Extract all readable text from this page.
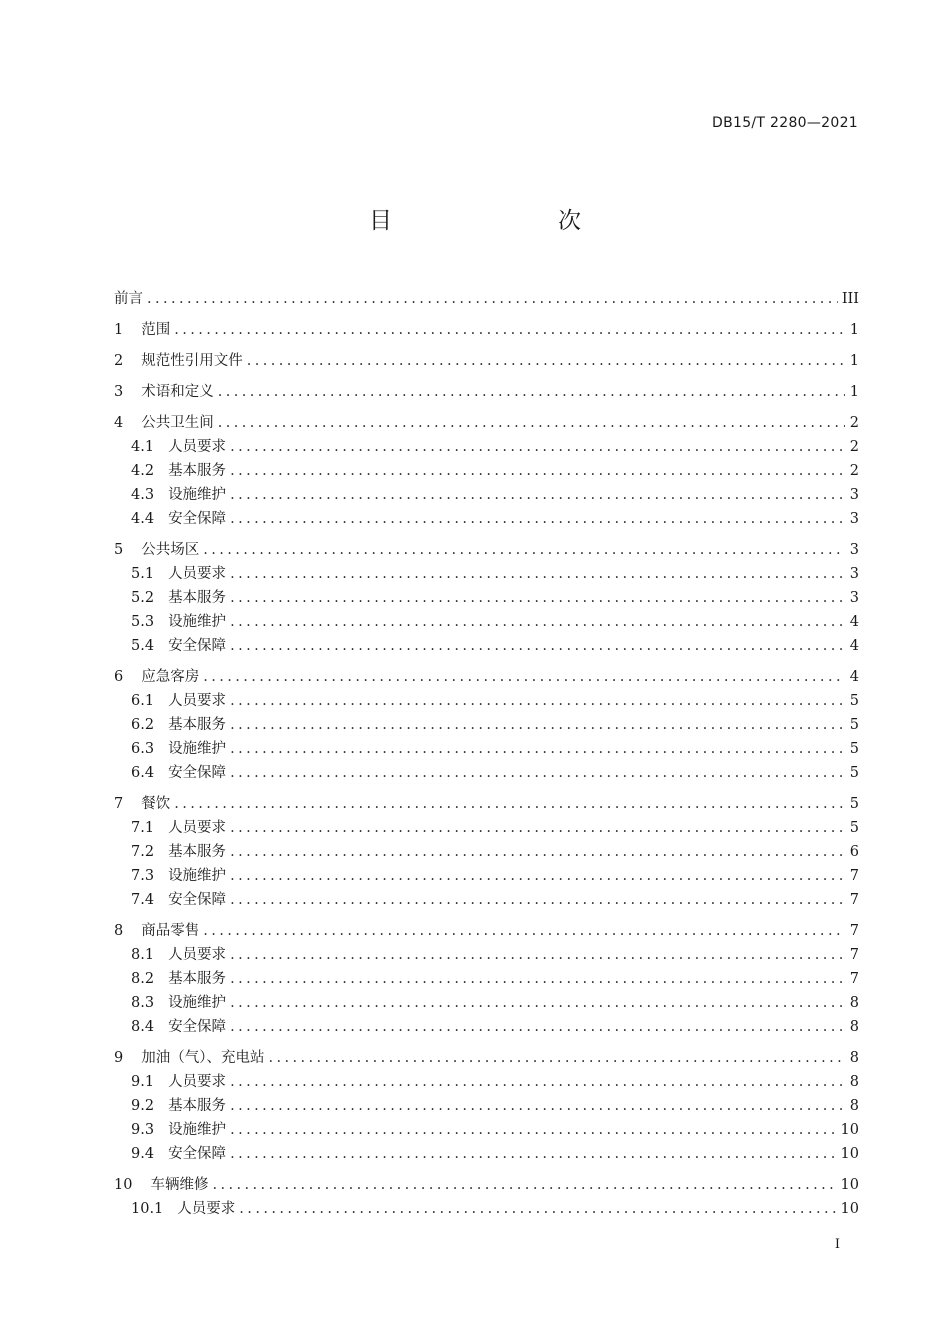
DB15/T 2280—2021
目　　次
前言 .....	III
1 范围 .....	1
2 规范性引用文件 .....	1
3 术语和定义 .....	1
4 公共卫生间 .....	2
4.1 人员要求 .....	2
4.2 基本服务 .....	2
4.3 设施维护 .....	3
4.4 安全保障 .....	3
5 公共场区 .....	3
5.1 人员要求 .....	3
5.2 基本服务 .....	3
5.3 设施维护 .....	4
5.4 安全保障 .....	4
6 应急客房 .....	4
6.1 人员要求 .....	5
6.2 基本服务 .....	5
6.3 设施维护 .....	5
6.4 安全保障 .....	5
7 餐饮 .....	5
7.1 人员要求 .....	5
7.2 基本服务 .....	6
7.3 设施维护 .....	7
7.4 安全保障 .....	7
8 商品零售 .....	7
8.1 人员要求 .....	7
8.2 基本服务 .....	7
8.3 设施维护 .....	8
8.4 安全保障 .....	8
9 加油（气）、充电站 .....	8
9.1 人员要求 .....	8
9.2 基本服务 .....	8
9.3 设施维护 .....	10
9.4 安全保障 .....	10
10 车辆维修 .....	10
10.1 人员要求 .....	10
I
